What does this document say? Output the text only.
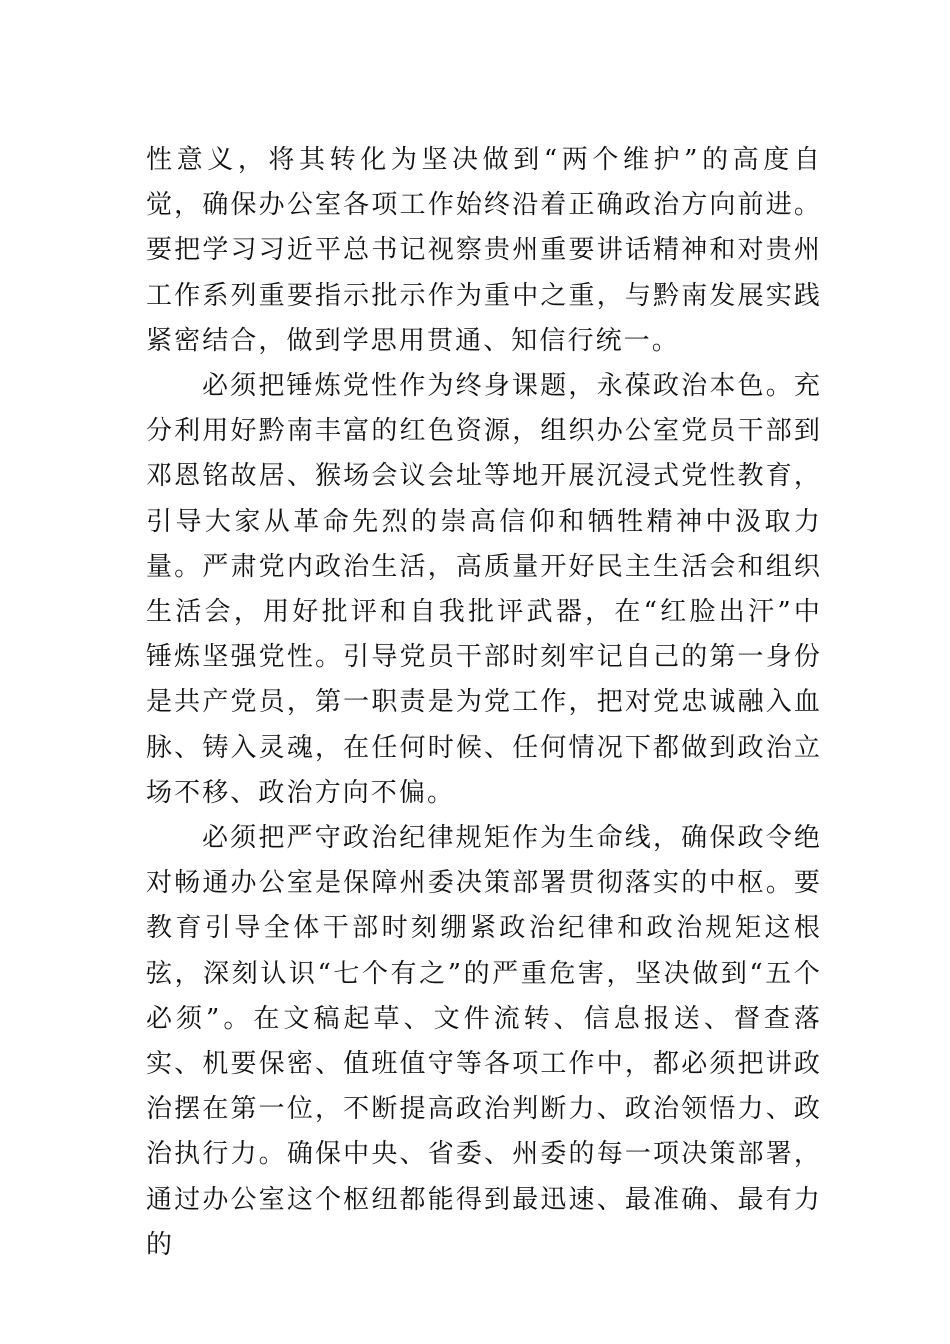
性意义，将其转化为坚决做到“两个维护”的高度自觉，确保办公室各项工作始终沿着正确政治方向前进。要把学习习近平总书记视察贵州重要讲话精神和对贵州工作系列重要指示批示作为重中之重，与黔南发展实践紧密结合，做到学思用贯通、知信行统一。

必须把锤炼党性作为终身课题，永葆政治本色。充分利用好黔南丰富的红色资源，组织办公室党员干部到邓恩铭故居、猴场会议会址等地开展沉浸式党性教育，引导大家从革命先烈的崇高信仰和牺牲精神中汲取力量。严肃党内政治生活，高质量开好民主生活会和组织生活会，用好批评和自我批评武器，在“红脸出汗”中锤炼坚强党性。引导党员干部时刻牢记自己的第一身份是共产党员，第一职责是为党工作，把对党忠诚融入血脉、铸入灵魂，在任何时候、任何情况下都做到政治立场不移、政治方向不偏。

必须把严守政治纪律规矩作为生命线，确保政令绝对畅通办公室是保障州委决策部署贯彻落实的中枢。要教育引导全体干部时刻绷紧政治纪律和政治规矩这根弦，深刻认识“七个有之”的严重危害，坚决做到“五个必须”。在文稿起草、文件流转、信息报送、督查落实、机要保密、值班值守等各项工作中，都必须把讲政治摆在第一位，不断提高政治判断力、政治领悟力、政治执行力。确保中央、省委、州委的每一项决策部署，通过办公室这个枢纽都能得到最迅速、最准确、最有力的
